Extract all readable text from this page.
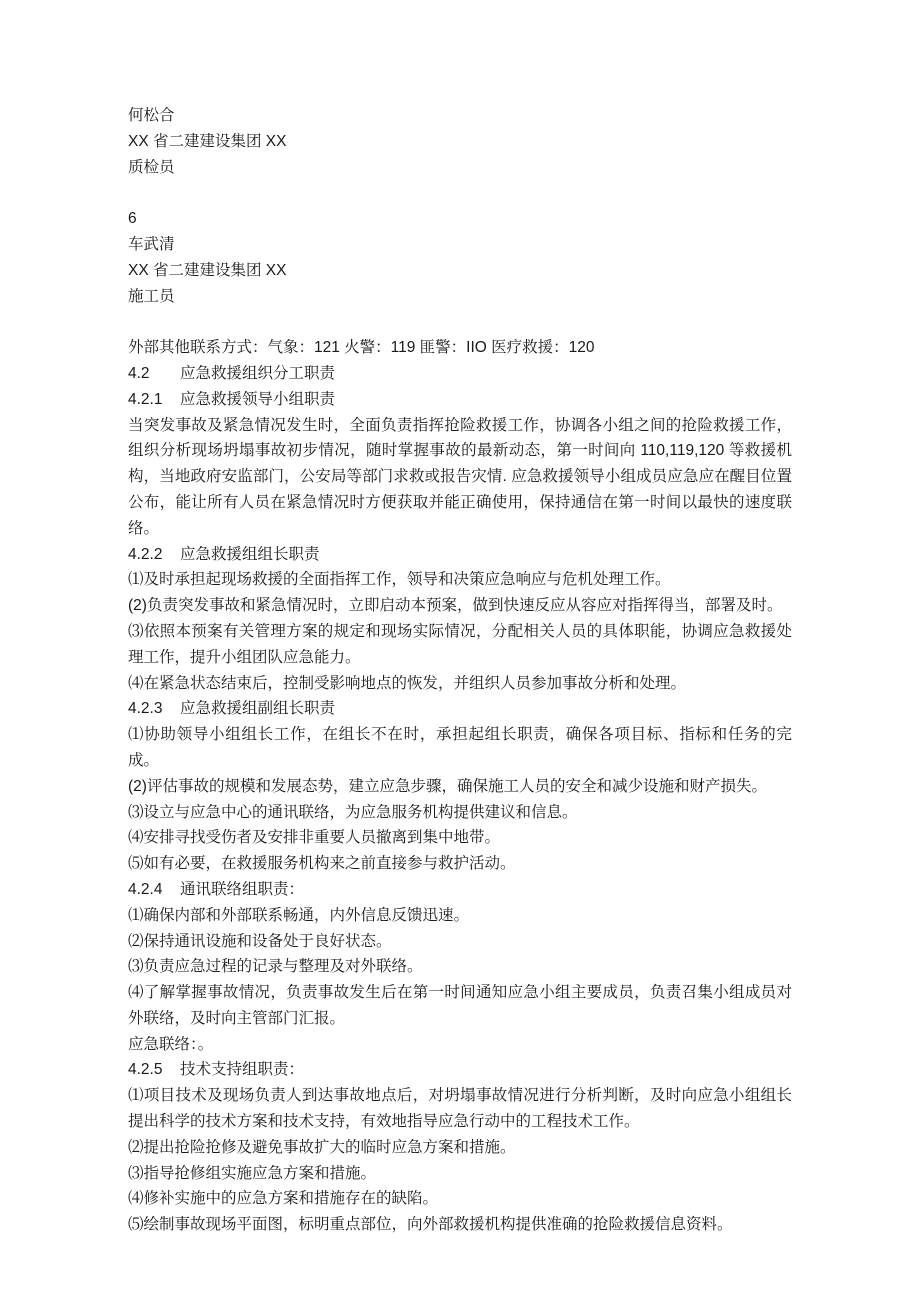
何松合

XX 省二建建设集团 XX

质检员

6

车武清

XX 省二建建设集团 XX

施工员

外部其他联系方式：气象：121 火警：119 匪警：IIO 医疗救援：120

4.2 应急救援组织分工职责

4.2.1 应急救援领导小组职责

当突发事故及紧急情况发生时，全面负责指挥抢险救援工作，协调各小组之间的抢险救援工作，组织分析现场坍塌事故初步情况，随时掌握事故的最新动态，第一时间向 110,119,120 等救援机构，当地政府安监部门，公安局等部门求救或报告灾情. 应急救援领导小组成员应急应在醒目位置公布，能让所有人员在紧急情况时方便获取并能正确使用，保持通信在第一时间以最快的速度联络。

4.2.2 应急救援组组长职责

⑴及时承担起现场救援的全面指挥工作，领导和决策应急响应与危机处理工作。

(2)负责突发事故和紧急情况时，立即启动本预案，做到快速反应从容应对指挥得当，部署及时。

⑶依照本预案有关管理方案的规定和现场实际情况，分配相关人员的具体职能，协调应急救援处理工作，提升小组团队应急能力。

⑷在紧急状态结束后，控制受影响地点的恢发，并组织人员参加事故分析和处理。

4.2.3 应急救援组副组长职责

⑴协助领导小组组长工作，在组长不在时，承担起组长职责，确保各项目标、指标和任务的完成。

(2)评估事故的规模和发展态势，建立应急步骤，确保施工人员的安全和减少设施和财产损失。

⑶设立与应急中心的通讯联络，为应急服务机构提供建议和信息。

⑷安排寻找受伤者及安排非重要人员撤离到集中地带。

⑸如有必要，在救援服务机构来之前直接参与救护活动。

4.2.4 通讯联络组职责：

⑴确保内部和外部联系畅通，内外信息反馈迅速。

⑵保持通讯设施和设备处于良好状态。

⑶负责应急过程的记录与整理及对外联络。

⑷了解掌握事故情况，负责事故发生后在第一时间通知应急小组主要成员，负责召集小组成员对外联络，及时向主管部门汇报。

应急联络：。

4.2.5 技术支持组职责：

⑴项目技术及现场负责人到达事故地点后，对坍塌事故情况进行分析判断，及时向应急小组组长提出科学的技术方案和技术支持，有效地指导应急行动中的工程技术工作。

⑵提出抢险抢修及避免事故扩大的临时应急方案和措施。

⑶指导抢修组实施应急方案和措施。

⑷修补实施中的应急方案和措施存在的缺陷。

⑸绘制事故现场平面图，标明重点部位，向外部救援机构提供准确的抢险救援信息资料。
